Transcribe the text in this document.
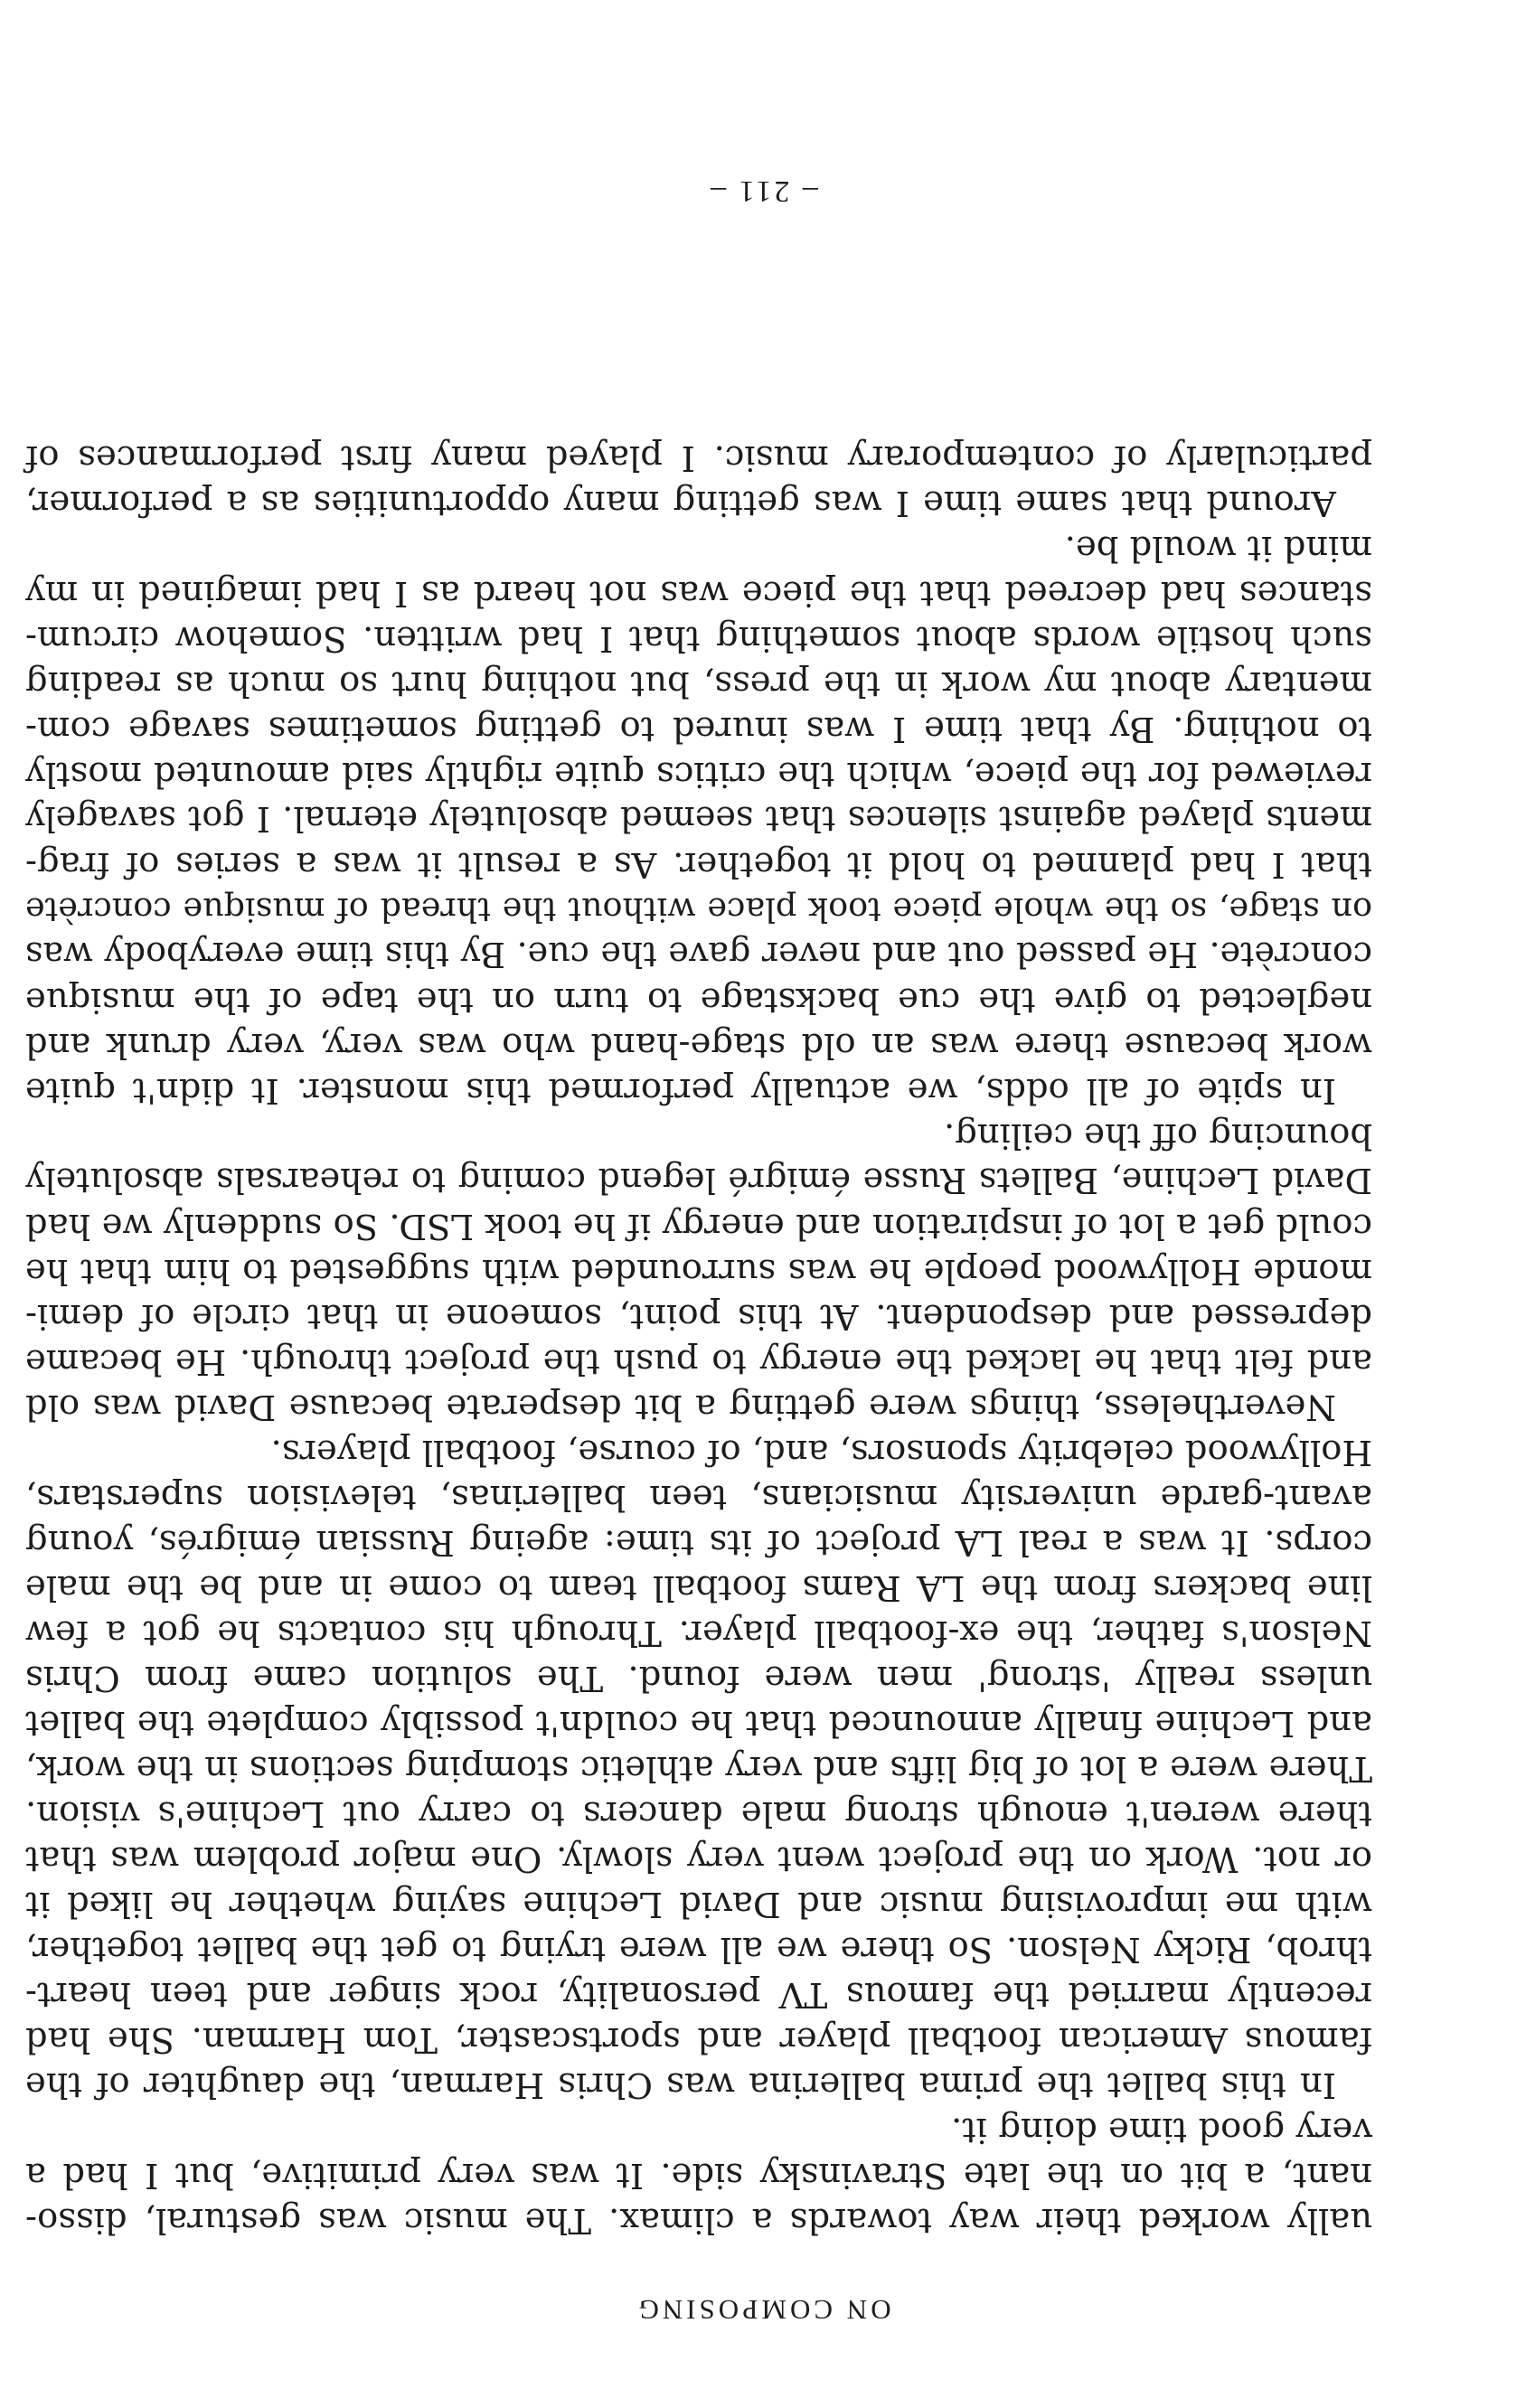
ON COMPOSING
ually worked their way towards a climax. The music was gestural, disso-
nant, a bit on the late Stravinsky side. It was very primitive, but I had a
very good time doing it.
In this ballet the prima ballerina was Chris Harman, the daughter of the
famous American football player and sportscaster, Tom Harman. She had
recently married the famous TV personality, rock singer and teen heart-
throb, Ricky Nelson. So there we all were trying to get the ballet together,
with me improvising music and David Lechine saying whether he liked it
or not. Work on the project went very slowly. One major problem was that
there weren't enough strong male dancers to carry out Lechine's vision.
There were a lot of big lifts and very athletic stomping sections in the work,
and Lechine finally announced that he couldn't possibly complete the ballet
unless really 'strong' men were found. The solution came from Chris
Nelson's father, the ex-football player. Through his contacts he got a few
line backers from the LA Rams football team to come in and be the male
corps. It was a real LA project of its time: ageing Russian émigrés, young
avant-garde university musicians, teen ballerinas, television superstars,
Hollywood celebrity sponsors, and, of course, football players.
Nevertheless, things were getting a bit desperate because David was old
and felt that he lacked the energy to push the project through. He became
depressed and despondent. At this point, someone in that circle of demi-
monde Hollywood people he was surrounded with suggested to him that he
could get a lot of inspiration and energy if he took LSD. So suddenly we had
David Lechine, Ballets Russe émigré legend coming to rehearsals absolutely
bouncing off the ceiling.
In spite of all odds, we actually performed this monster. It didn't quite
work because there was an old stage-hand who was very, very drunk and
neglected to give the cue backstage to turn on the tape of the musique
concrète. He passed out and never gave the cue. By this time everybody was
on stage, so the whole piece took place without the thread of musique concrète
that I had planned to hold it together. As a result it was a series of frag-
ments played against silences that seemed absolutely eternal. I got savagely
reviewed for the piece, which the critics quite rightly said amounted mostly
to nothing. By that time I was inured to getting sometimes savage com-
mentary about my work in the press, but nothing hurt so much as reading
such hostile words about something that I had written. Somehow circum-
stances had decreed that the piece was not heard as I had imagined in my
mind it would be.
Around that same time I was getting many opportunities as a performer,
particularly of contemporary music. I played many first performances of
– 211 –
